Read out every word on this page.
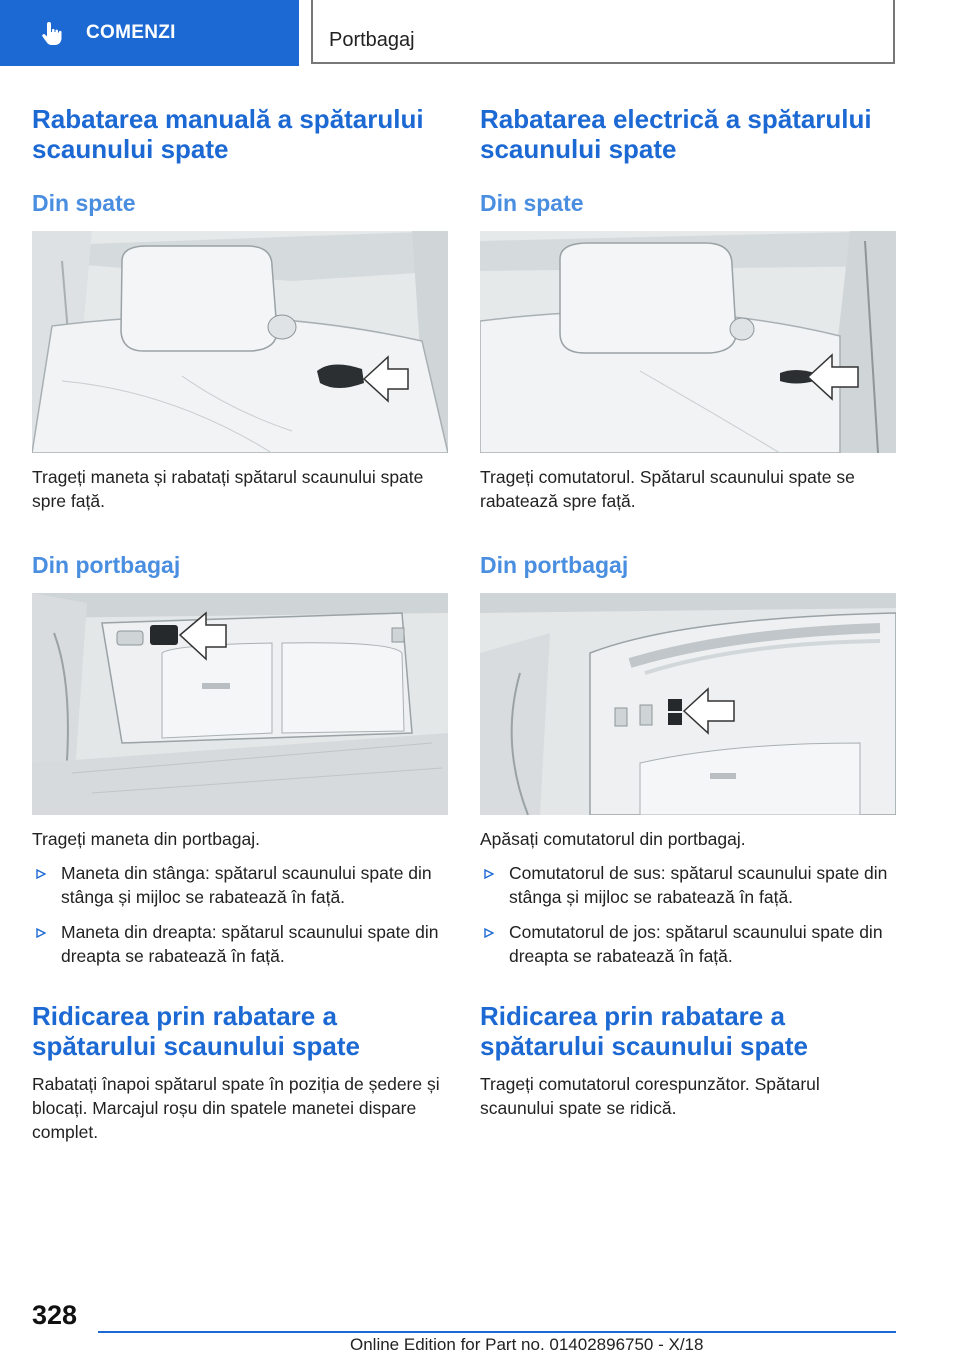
COMENZI	Portbagaj
Rabatarea manuală a spătarului scaunului spate
Din spate

Trageți maneta și rabatați spătarul scaunului spate spre față.

Din portbagaj

Trageți maneta din portbagaj.

Maneta din stânga: spătarul scaunului spate din stânga și mijloc se rabatează în față.
Maneta din dreapta: spătarul scaunului spate din dreapta se rabatează în față.
Ridicarea prin rabatare a spătarului scaunului spate

Rabatați înapoi spătarul spate în poziția de ședere și blocați. Marcajul roșu din spatele manetei dispare complet.

Rabatarea electrică a spătarului scaunului spate
Din spate

Trageți comutatorul. Spătarul scaunului spate se rabatează spre față.

Din portbagaj

Apăsați comutatorul din portbagaj.

Comutatorul de sus: spătarul scaunului spate din stânga și mijloc se rabatează în față.
Comutatorul de jos: spătarul scaunului spate din dreapta se rabatează în față.
Ridicarea prin rabatare a spătarului scaunului spate

Trageți comutatorul corespunzător. Spătarul scaunului spate se ridică.

328
Online Edition for Part no. 01402896750 - X/18
